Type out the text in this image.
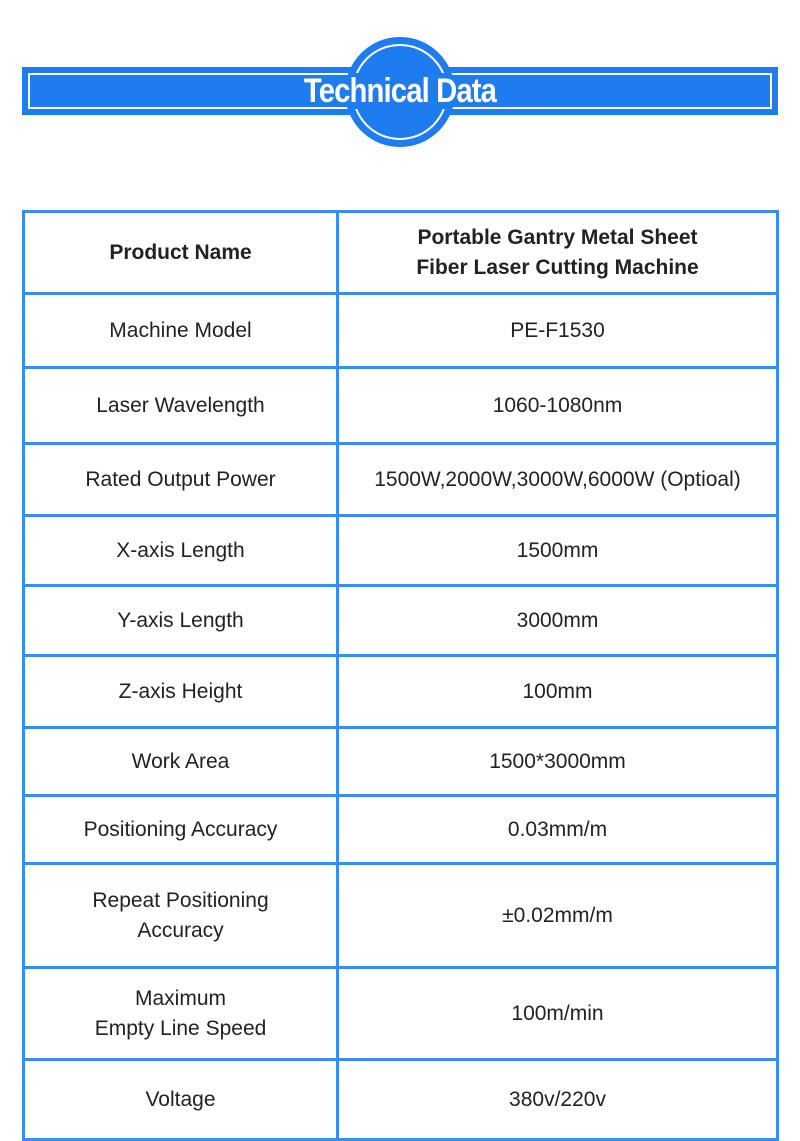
Technical Data
Product Name	Portable Gantry Metal Sheet
Fiber Laser Cutting Machine
Machine Model	PE-F1530
Laser Wavelength	1060-1080nm
Rated Output Power	1500W,2000W,3000W,6000W (Optioal)
X-axis Length	1500mm
Y-axis Length	3000mm
Z-axis Height	100mm
Work Area	1500*3000mm
Positioning Accuracy	0.03mm/m
Repeat Positioning
Accuracy	±0.02mm/m
Maximum
Empty Line Speed	100m/min
Voltage	380v/220v
